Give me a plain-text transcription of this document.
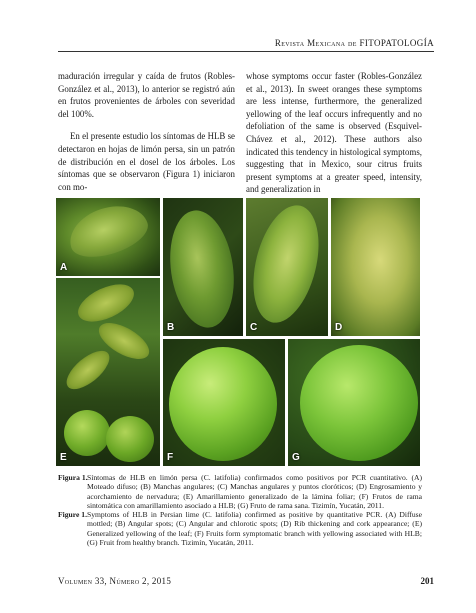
Revista Mexicana de FITOPATOLOGÍA

maduración irregular y caída de frutos (Robles-González et al., 2013), lo anterior se registró aún en frutos provenientes de árboles con severidad del 100%.

En el presente estudio los síntomas de HLB se detectaron en hojas de limón persa, sin un patrón de distribución en el dosel de los árboles. Los síntomas que se observaron (Figura 1) iniciaron con mo-

whose symptoms occur faster (Robles-González et al., 2013). In sweet oranges these symptoms are less intense, furthermore, the generalized yellowing of the leaf occurs infrequently and no defoliation of the same is observed (Esquivel-Chávez et al., 2012). These authors also indicated this tendency in histological symptoms, suggesting that in Mexico, sour citrus fruits present symptoms at a greater speed, intensity, and generalization in

A
B	C	D
E	F	G
Figura 1. Síntomas de HLB en limón persa (C. latifolia) confirmados como positivos por PCR cuantitativo. (A) Moteado difuso; (B) Manchas angulares; (C) Manchas angulares y puntos cloróticos; (D) Engrosamiento y acorchamiento de nervadura; (E) Amarillamiento generalizado de la lámina foliar; (F) Frutos de rama sintomática con amarillamiento asociado a HLB; (G) Fruto de rama sana. Tizimín, Yucatán, 2011.
Figure 1. Symptoms of HLB in Persian lime (C. latifolia) confirmed as positive by quantitative PCR. (A) Diffuse mottled; (B) Angular spots; (C) Angular and chlorotic spots; (D) Rib thickening and cork appearance; (E) Generalized yellowing of the leaf; (F) Fruits form symptomatic branch with yellowing associated with HLB; (G) Fruit from healthy branch. Tizimín, Yucatán, 2011.
Volumen 33, Número 2, 2015	201
